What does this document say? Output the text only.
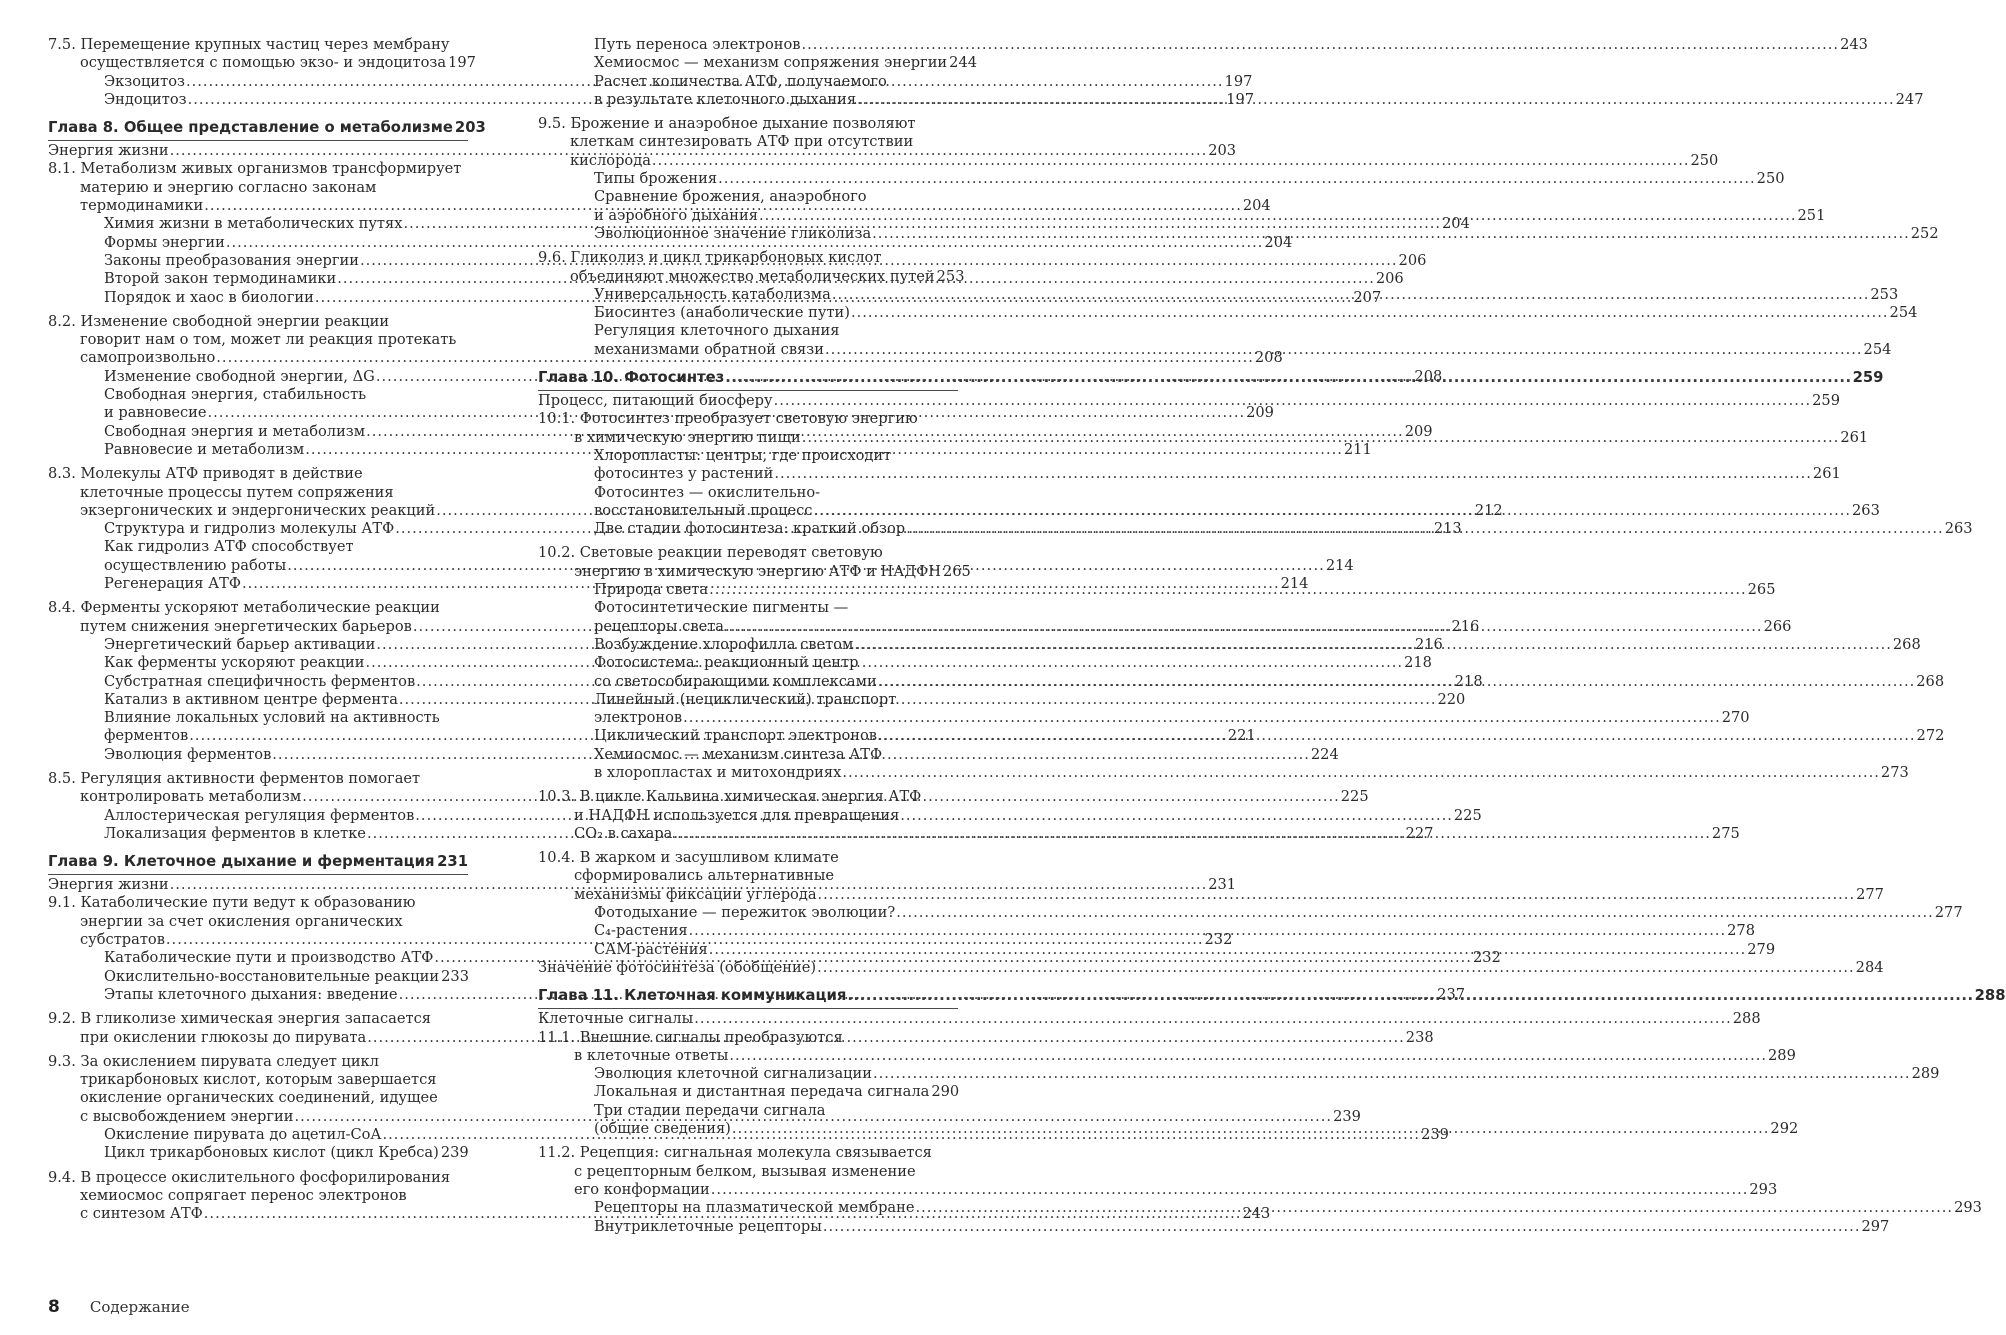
7.5. Перемещение крупных частиц через мембрану
осуществляется с помощью экзо- и эндоцитоза 197
Экзоцитоз .....	197
Эндоцитоз .....	197
Глава 8. Общее представление о метаболизме 203
Энергия жизни .....	203
8.1. Метаболизм живых организмов трансформирует
материю и энергию согласно законам
термодинамики .....	204
Химия жизни в метаболических путях .....	204
Формы энергии .....	204
Законы преобразования энергии .....	206
Второй закон термодинамики .....	206
Порядок и хаос в биологии .....	207
8.2. Изменение свободной энергии реакции
говорит нам о том, может ли реакция протекать
самопроизвольно .....	208
Изменение свободной энергии, ΔG .....	208
Свободная энергия, стабильность
и равновесие .....	209
Свободная энергия и метаболизм .....	209
Равновесие и метаболизм .....	211
8.3. Молекулы АТФ приводят в действие
клеточные процессы путем сопряжения
экзергонических и эндергонических реакций .....	212
Структура и гидролиз молекулы АТФ .....	213
Как гидролиз АТФ способствует
осуществлению работы .....	214
Регенерация АТФ .....	214
8.4. Ферменты ускоряют метаболические реакции
путем снижения энергетических барьеров .....	216
Энергетический барьер активации .....	216
Как ферменты ускоряют реакции .....	218
Субстратная специфичность ферментов .....	218
Катализ в активном центре фермента .....	220
Влияние локальных условий на активность
ферментов .....	221
Эволюция ферментов .....	224
8.5. Регуляция активности ферментов помогает
контролировать метаболизм .....	225
Аллостерическая регуляция ферментов .....	225
Локализация ферментов в клетке .....	227
Глава 9. Клеточное дыхание и ферментация ..... 231
Энергия жизни .....	231
9.1. Катаболические пути ведут к образованию
энергии за счет окисления органических
субстратов .....	232
Катаболические пути и производство АТФ .....	232
Окислительно-восстановительные реакции 233
Этапы клеточного дыхания: введение .....	237
9.2. В гликолизе химическая энергия запасается
при окислении глюкозы до пирувата .....	238
9.3. За окислением пирувата следует цикл
трикарбоновых кислот, которым завершается
окисление органических соединений, идущее
с высвобождением энергии .....	239
Окисление пирувата до ацетил-СоА .....	239
Цикл трикарбоновых кислот (цикл Кребса) 239
9.4. В процессе окислительного фосфорилирования
хемиосмос сопрягает перенос электронов
с синтезом АТФ .....	243
Путь переноса электронов .....	243
Хемиосмос — механизм сопряжения энергии 244
Расчет количества АТФ, получаемого
в результате клеточного дыхания .....	247
9.5. Брожение и анаэробное дыхание позволяют
клеткам синтезировать АТФ при отсутствии
кислорода .....	250
Типы брожения .....	250
Сравнение брожения, анаэробного
и аэробного дыхания .....	251
Эволюционное значение гликолиза .....	252
9.6. Гликолиз и цикл трикарбоновых кислот
объединяют множество метаболических путей 253
Универсальность катаболизма .....	253
Биосинтез (анаболические пути) .....	254
Регуляция клеточного дыхания
механизмами обратной связи .....	254
Глава 10. Фотосинтез .....	259
Процесс, питающий биосферу .....	259
10.1. Фотосинтез преобразует световую энергию
в химическую энергию пищи .....	261
Хлоропласты: центры, где происходит
фотосинтез у растений .....	261
Фотосинтез — окислительно-
восстановительный процесс .....	263
Две стадии фотосинтеза: краткий обзор .....	263
10.2. Световые реакции переводят световую
энергию в химическую энергию АТФ и НАДФН 265
Природа света .....	265
Фотосинтетические пигменты —
рецепторы света .....	266
Возбуждение хлорофилла светом .....	268
Фотосистема: реакционный центр
со светособирающими комплексами .....	268
Линейный (нециклический) транспорт
электронов .....	270
Циклический транспорт электронов .....	272
Хемиосмос — механизм синтеза АТФ
в хлоропластах и митохондриях .....	273
10.3. В цикле Кальвина химическая энергия АТФ
и НАДФН используется для превращения
CO₂ в сахара .....	275
10.4. В жарком и засушливом климате
сформировались альтернативные
механизмы фиксации углерода .....	277
Фотодыхание — пережиток эволюции? .....	277
C₄-растения .....	278
САМ-растения .....	279
Значение фотосинтеза (обобщение) .....	284
Глава 11. Клеточная коммуникация .....	288
Клеточные сигналы .....	288
11.1. Внешние сигналы преобразуются
в клеточные ответы .....	289
Эволюция клеточной сигнализации .....	289
Локальная и дистантная передача сигнала 290
Три стадии передачи сигнала
(общие сведения) .....	292
11.2. Рецепция: сигнальная молекула связывается
с рецепторным белком, вызывая изменение
его конформации .....	293
Рецепторы на плазматической мембране .....	293
Внутриклеточные рецепторы .....	297
8 Содержание
